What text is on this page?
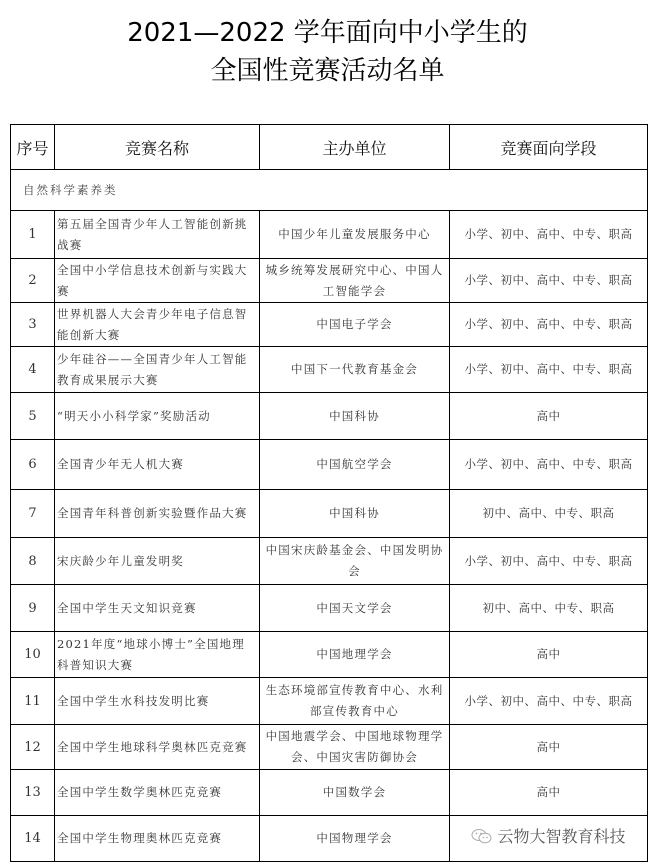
2021—2022 学年面向中小学生的
全国性竞赛活动名单
序号	竞赛名称	主办单位	竞赛面向学段
自然科学素养类			
1	第五届全国青少年人工智能创新挑战赛	中国少年儿童发展服务中心	小学、初中、高中、中专、职高
2	全国中小学信息技术创新与实践大赛	城乡统筹发展研究中心、中国人工智能学会	小学、初中、高中、中专、职高
3	世界机器人大会青少年电子信息智能创新大赛	中国电子学会	小学、初中、高中、中专、职高
4	少年硅谷——全国青少年人工智能教育成果展示大赛	中国下一代教育基金会	小学、初中、高中、中专、职高
5	“明天小小科学家”奖励活动	中国科协	高中
6	全国青少年无人机大赛	中国航空学会	小学、初中、高中、中专、职高
7	全国青年科普创新实验暨作品大赛	中国科协	初中、高中、中专、职高
8	宋庆龄少年儿童发明奖	中国宋庆龄基金会、中国发明协会	小学、初中、高中、中专、职高
9	全国中学生天文知识竞赛	中国天文学会	初中、高中、中专、职高
10	2021年度“地球小博士”全国地理科普知识大赛	中国地理学会	高中
11	全国中学生水科技发明比赛	生态环境部宣传教育中心、水利部宣传教育中心	小学、初中、高中、中专、职高
12	全国中学生地球科学奥林匹克竞赛	中国地震学会、中国地球物理学会、中国灾害防御协会	高中
13	全国中学生数学奥林匹克竞赛	中国数学会	高中
14	全国中学生物理奥林匹克竞赛	中国物理学会	云物大智教育科技
